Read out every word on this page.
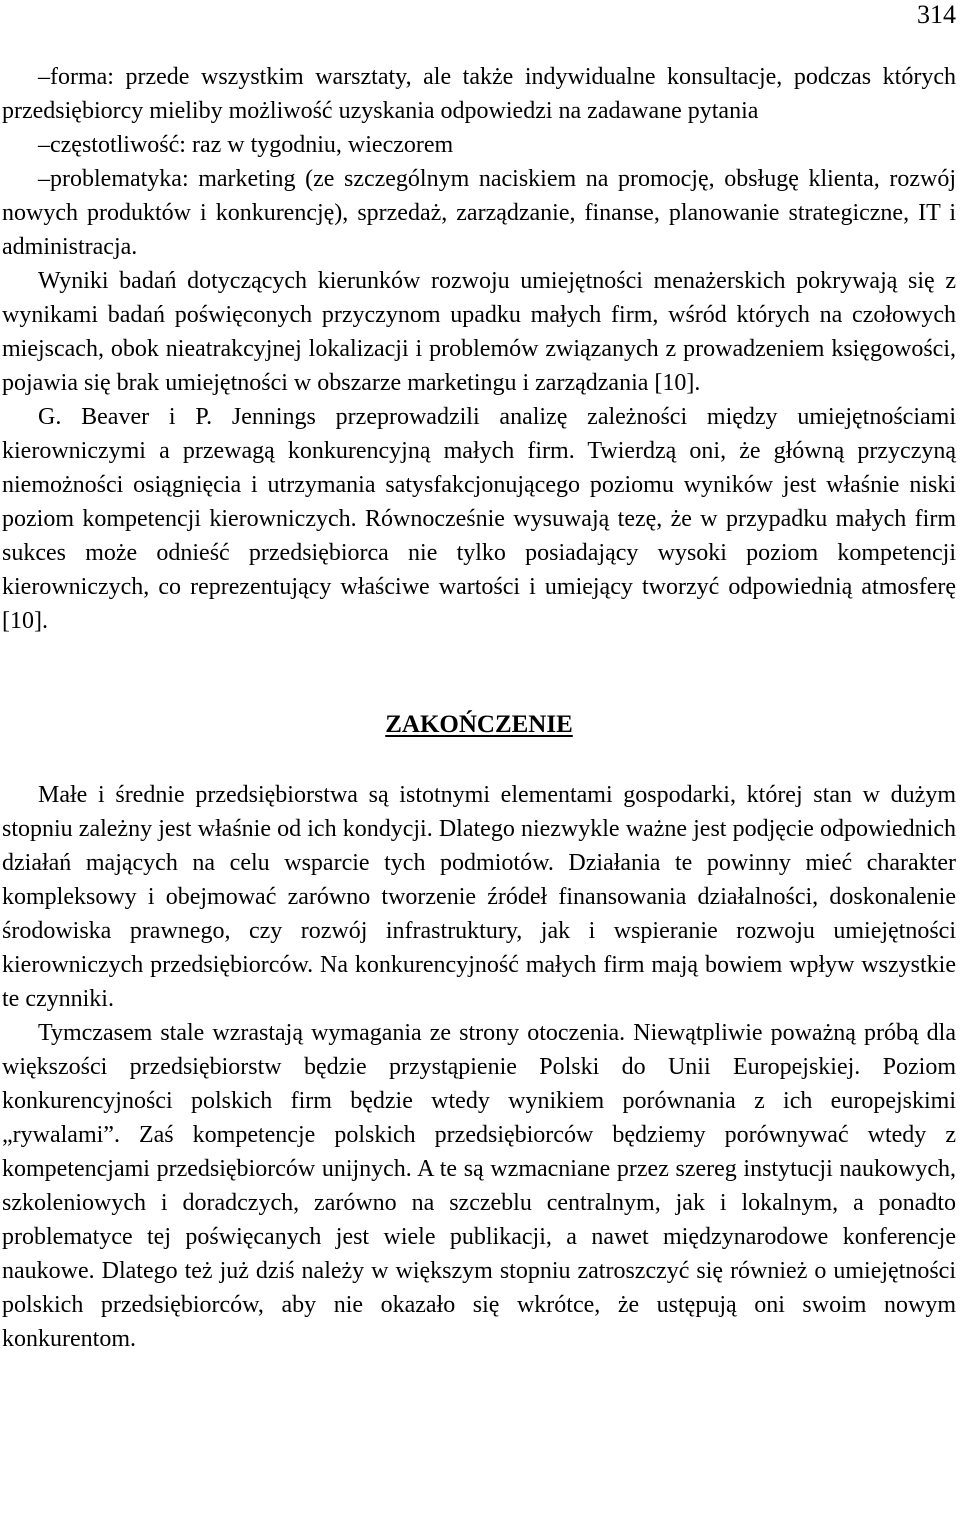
314

–forma: przede wszystkim warsztaty, ale także indywidualne konsultacje, podczas których przedsiębiorcy mieliby możliwość uzyskania odpowiedzi na zadawane pytania

–częstotliwość: raz w tygodniu, wieczorem

–problematyka: marketing (ze szczególnym naciskiem na promocję, obsługę klienta, rozwój nowych produktów i konkurencję), sprzedaż, zarządzanie, finanse, planowanie strategiczne, IT i administracja.

Wyniki badań dotyczących kierunków rozwoju umiejętności menażerskich pokrywają się z wynikami badań poświęconych przyczynom upadku małych firm, wśród których na czołowych miejscach, obok nieatrakcyjnej lokalizacji i problemów związanych z prowadzeniem księgowości, pojawia się brak umiejętności w obszarze marketingu i zarządzania [10].

G. Beaver i P. Jennings przeprowadzili analizę zależności między umiejętnościami kierowniczymi a przewagą konkurencyjną małych firm. Twierdzą oni, że główną przyczyną niemożności osiągnięcia i utrzymania satysfakcjonującego poziomu wyników jest właśnie niski poziom kompetencji kierowniczych. Równocześnie wysuwają tezę, że w przypadku małych firm sukces może odnieść przedsiębiorca nie tylko posiadający wysoki poziom kompetencji kierowniczych, co reprezentujący właściwe wartości i umiejący tworzyć odpowiednią atmosferę [10].

ZAKOŃCZENIE

Małe i średnie przedsiębiorstwa są istotnymi elementami gospodarki, której stan w dużym stopniu zależny jest właśnie od ich kondycji. Dlatego niezwykle ważne jest podjęcie odpowiednich działań mających na celu wsparcie tych podmiotów. Działania te powinny mieć charakter kompleksowy i obejmować zarówno tworzenie źródeł finansowania działalności, doskonalenie środowiska prawnego, czy rozwój infrastruktury, jak i wspieranie rozwoju umiejętności kierowniczych przedsiębiorców. Na konkurencyjność małych firm mają bowiem wpływ wszystkie te czynniki.

Tymczasem stale wzrastają wymagania ze strony otoczenia. Niewątpliwie poważną próbą dla większości przedsiębiorstw będzie przystąpienie Polski do Unii Europejskiej. Poziom konkurencyjności polskich firm będzie wtedy wynikiem porównania z ich europejskimi „rywalami”. Zaś kompetencje polskich przedsiębiorców będziemy porównywać wtedy z kompetencjami przedsiębiorców unijnych. A te są wzmacniane przez szereg instytucji naukowych, szkoleniowych i doradczych, zarówno na szczeblu centralnym, jak i lokalnym, a ponadto problematyce tej poświęcanych jest wiele publikacji, a nawet międzynarodowe konferencje naukowe. Dlatego też już dziś należy w większym stopniu zatroszczyć się również o umiejętności polskich przedsiębiorców, aby nie okazało się wkrótce, że ustępują oni swoim nowym konkurentom.
